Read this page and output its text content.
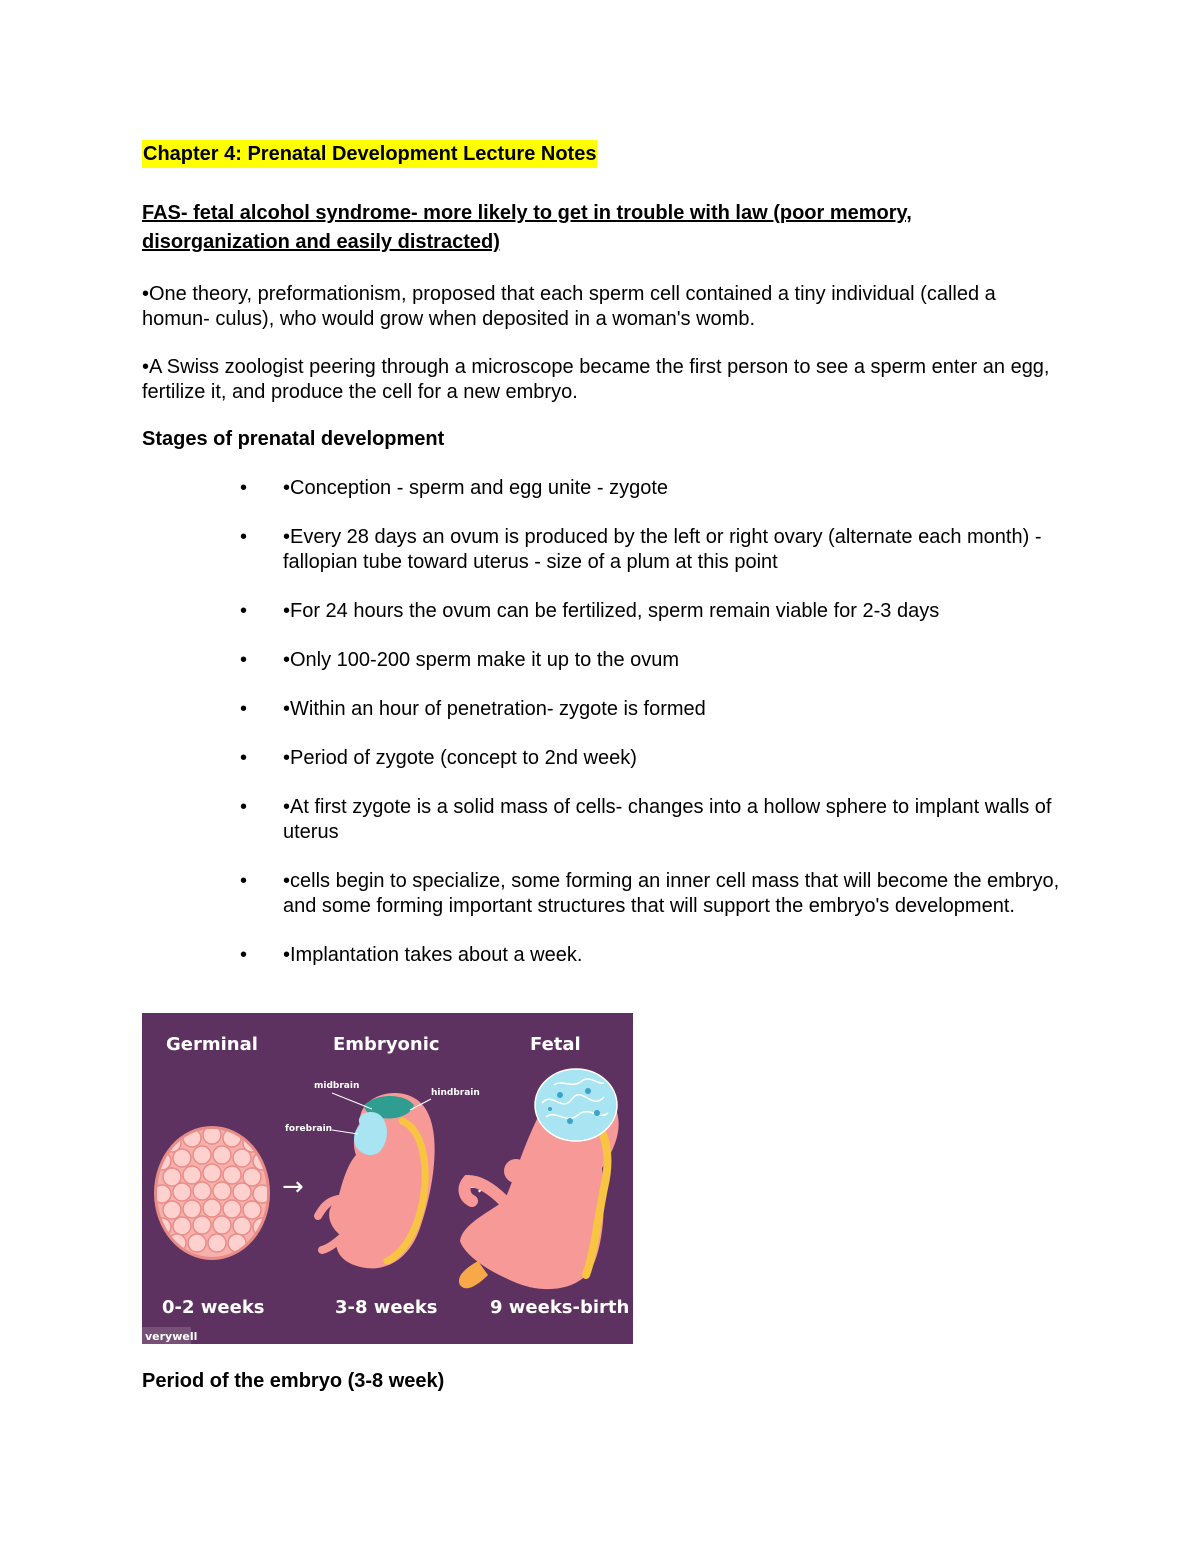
Chapter 4: Prenatal Development Lecture Notes
FAS- fetal alcohol syndrome- more likely to get in trouble with law (poor memory, disorganization and easily distracted)
•One theory, preformationism, proposed that each sperm cell contained a tiny individual (called a homun- culus), who would grow when deposited in a woman's womb.
•A Swiss zoologist peering through a microscope became the first person to see a sperm enter an egg, fertilize it, and produce the cell for a new embryo.
Stages of prenatal development
• •Conception - sperm and egg unite - zygote
• •Every 28 days an ovum is produced by the left or right ovary (alternate each month) - fallopian tube toward uterus - size of a plum at this point
• •For 24 hours the ovum can be fertilized, sperm remain viable for 2-3 days
• •Only 100-200 sperm make it up to the ovum
• •Within an hour of penetration- zygote is formed
• •Period of zygote (concept to 2nd week)
• •At first zygote is a solid mass of cells- changes into a hollow sphere to implant walls of uterus
• •cells begin to specialize, some forming an inner cell mass that will become the embryo, and some forming important structures that will support the embryo's development.
• •Implantation takes about a week.
Germinal	Embryonic	Fetal
→	→
midbrain
hindbrain
forebrain
0-2 weeks	3-8 weeks	9 weeks-birth
verywell
Period of the embryo (3-8 week)
